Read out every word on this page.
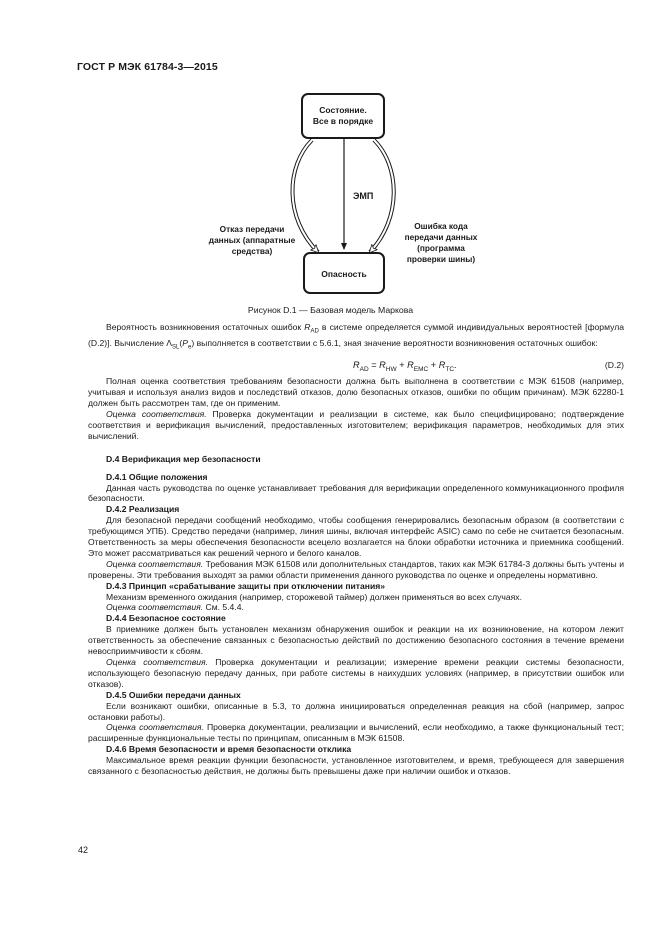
ГОСТ Р МЭК 61784-3—2015
Состояние.
Все в порядке
Опасность
ЭМП
Отказ передачи
данных (аппаратные
средства)
Ошибка кода
передачи данных
(программа
проверки шины)
Рисунок D.1 — Базовая модель Маркова

Вероятность возникновения остаточных ошибок $R_{AD}$ в системе определяется суммой индивидуальных вероятностей [формула (D.2)]. Вычисление $\Lambda_{SL}(P_e)$ выполняется в соответствии с 5.6.1, зная значение вероятности возникновения остаточных ошибок:

$R_{AD} = R_{HW} + R_{EMC} + R_{TC}$.	(D.2)

Полная оценка соответствия требованиям безопасности должна быть выполнена в соответствии с МЭК 61508 (например, учитывая и используя анализ видов и последствий отказов, долю безопасных отказов, ошибки по общим причинам). МЭК 62280-1 должен быть рассмотрен там, где он применим.

Оценка соответствия. Проверка документации и реализации в системе, как было специфицировано; подтверждение соответствия и верификация вычислений, предоставленных изготовителем; верификация параметров, необходимых для этих вычислений.

D.4 Верификация мер безопасности

D.4.1 Общие положения

Данная часть руководства по оценке устанавливает требования для верификации определенного коммуникационного профиля безопасности.

D.4.2 Реализация

Для безопасной передачи сообщений необходимо, чтобы сообщения генерировались безопасным образом (в соответствии с требующимся УПБ). Средство передачи (например, линия шины, включая интерфейс ASIC) само по себе не считается безопасным. Ответственность за меры обеспечения безопасности всецело возлагается на блоки обработки источника и приемника сообщений. Это может рассматриваться как решений черного и белого каналов.

Оценка соответствия. Требования МЭК 61508 или дополнительных стандартов, таких как МЭК 61784-3 должны быть учтены и проверены. Эти требования выходят за рамки области применения данного руководства по оценке и определены нормативно.

D.4.3 Принцип «срабатывание защиты при отключении питания»

Механизм временного ожидания (например, сторожевой таймер) должен применяться во всех случаях.

Оценка соответствия. См. 5.4.4.

D.4.4 Безопасное состояние

В приемнике должен быть установлен механизм обнаружения ошибок и реакции на их возникновение, на котором лежит ответственность за обеспечение связанных с безопасностью действий по достижению безопасного состояния в течение времени невосприимчивости к сбоям.

Оценка соответствия. Проверка документации и реализации; измерение времени реакции системы безопасности, использующего безопасную передачу данных, при работе системы в наихудших условиях (например, в присутствии ошибок или отказов).

D.4.5 Ошибки передачи данных

Если возникают ошибки, описанные в 5.3, то должна инициироваться определенная реакция на сбой (например, запрос остановки работы).

Оценка соответствия. Проверка документации, реализации и вычислений, если необходимо, а также функциональный тест; расширенные функциональные тесты по принципам, описанным в МЭК 61508.

D.4.6 Время безопасности и время безопасности отклика

Максимальное время реакции функции безопасности, установленное изготовителем, и время, требующееся для завершения связанного с безопасностью действия, не должны быть превышены даже при наличии ошибок и отказов.

42
